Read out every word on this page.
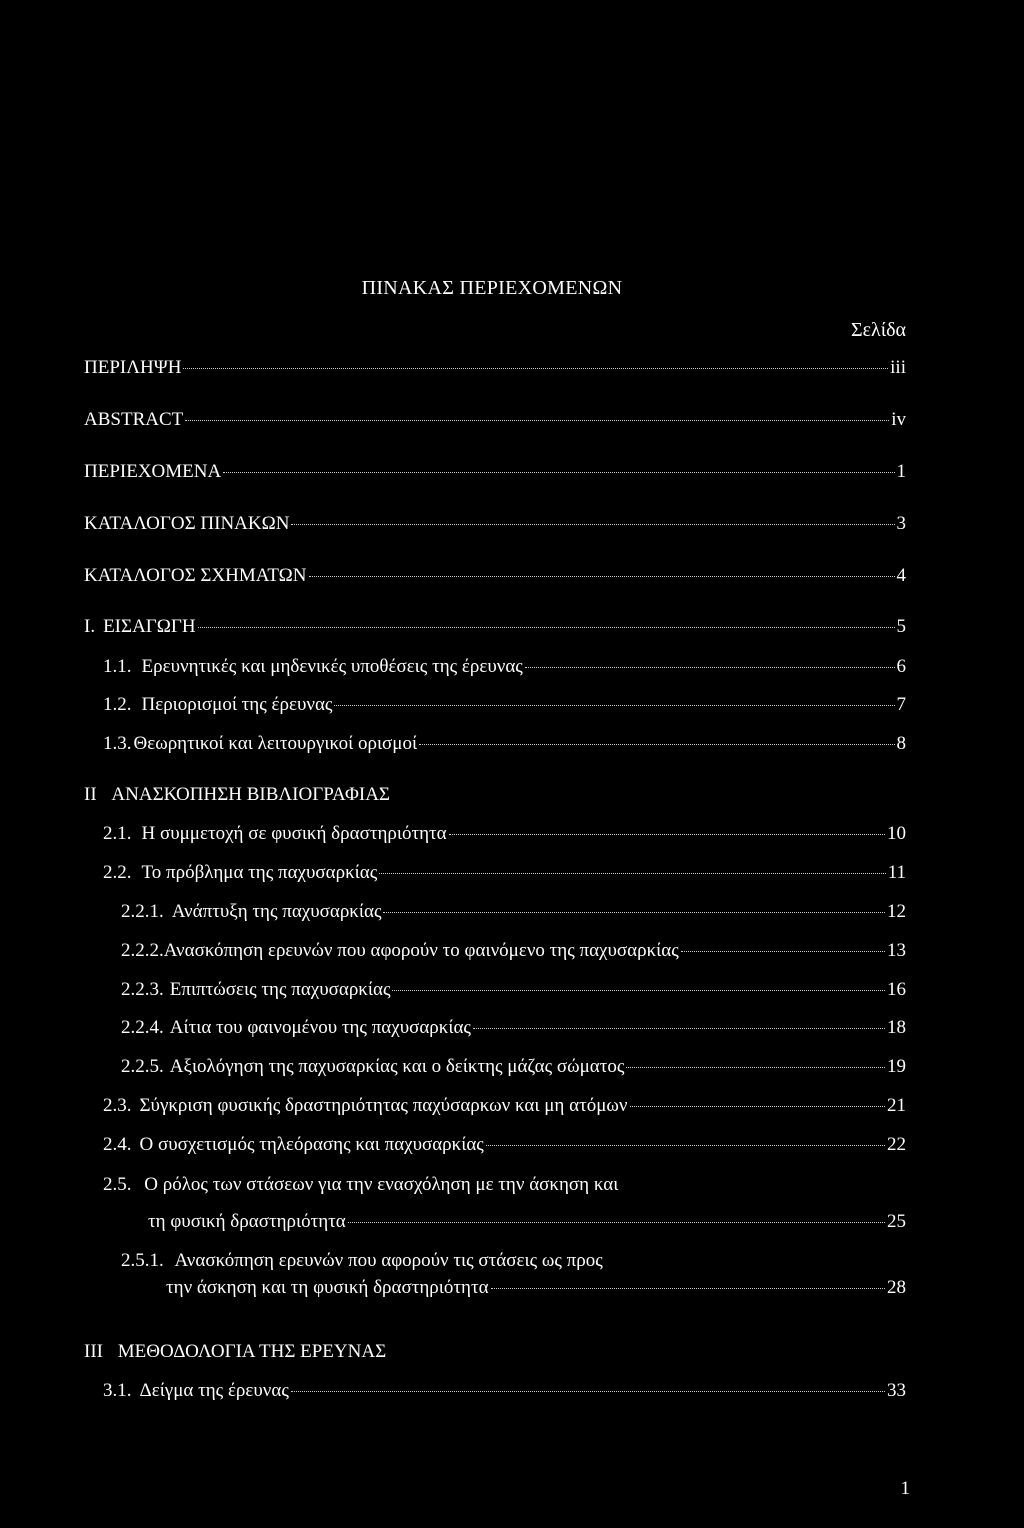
ΠΙΝΑΚΑΣ ΠΕΡΙΕΧΟΜΕΝΩΝ
Σελίδα
ΠΕΡΙΛΗΨΗ	iii
ABSTRACT	iv
ΠΕΡΙΕΧΟΜΕΝΑ	1
ΚΑΤΑΛΟΓΟΣ ΠΙΝΑΚΩΝ	3
ΚΑΤΑΛΟΓΟΣ ΣΧΗΜΑΤΩΝ	4
Ι. ΕΙΣΑΓΩΓΗ	5
1.1. Ερευνητικές και μηδενικές υποθέσεις της έρευνας	6
1.2. Περιορισμοί της έρευνας	7
1.3. Θεωρητικοί και λειτουργικοί ορισμοί	8
II ΑΝΑΣΚΟΠΗΣΗ ΒΙΒΛΙΟΓΡΑΦΙΑΣ
2.1. Η συμμετοχή σε φυσική δραστηριότητα	10
2.2. Το πρόβλημα της παχυσαρκίας	11
2.2.1. Ανάπτυξη της παχυσαρκίας	12
2.2.2. Ανασκόπηση ερευνών που αφορούν το φαινόμενο της παχυσαρκίας	13
2.2.3. Επιπτώσεις της παχυσαρκίας	16
2.2.4. Αίτια του φαινομένου της παχυσαρκίας	18
2.2.5. Αξιολόγηση της παχυσαρκίας και ο δείκτης μάζας σώματος	19
2.3. Σύγκριση φυσικής δραστηριότητας παχύσαρκων και μη ατόμων	21
2.4. Ο συσχετισμός τηλεόρασης και παχυσαρκίας	22
2.5. Ο ρόλος των στάσεων για την ενασχόληση με την άσκηση και
τη φυσική δραστηριότητα	25
2.5.1. Ανασκόπηση ερευνών που αφορούν τις στάσεις ως προς
την άσκηση και τη φυσική δραστηριότητα	28
III ΜΕΘΟΔΟΛΟΓΙΑ ΤΗΣ ΕΡΕΥΝΑΣ
3.1. Δείγμα της έρευνας	33
1
